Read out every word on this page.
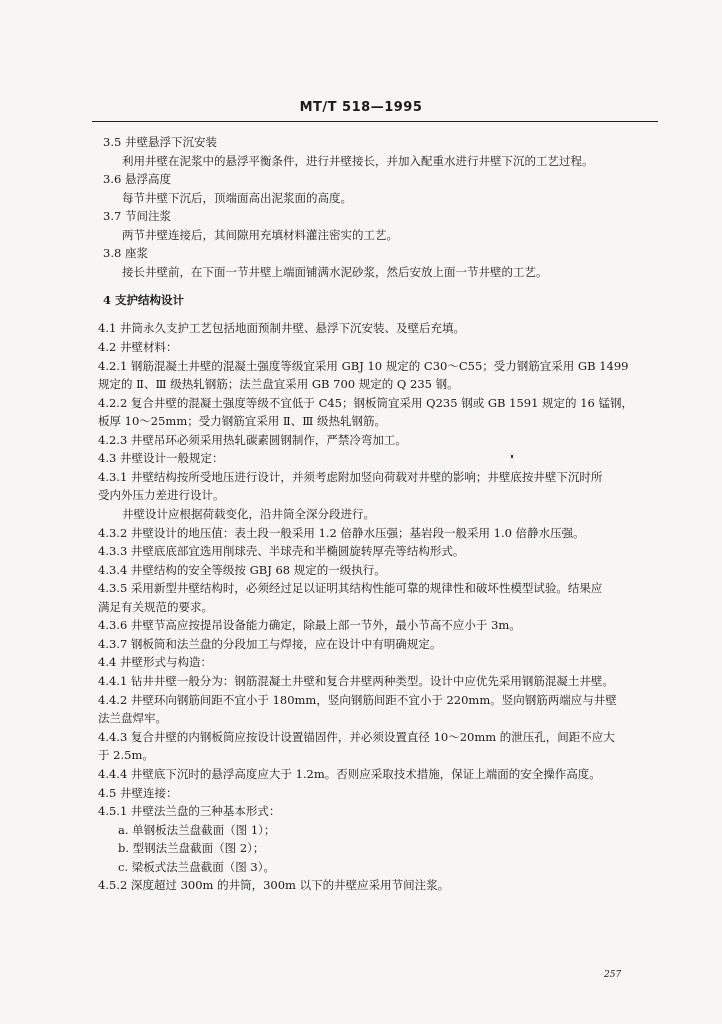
MT/T 518—1995
3.5 井壁悬浮下沉安装
利用井壁在泥浆中的悬浮平衡条件，进行井壁接长，并加入配重水进行井壁下沉的工艺过程。
3.6 悬浮高度
每节井壁下沉后，顶端面高出泥浆面的高度。
3.7 节间注浆
两节井壁连接后，其间隙用充填材料灌注密实的工艺。
3.8 座浆
接长井壁前，在下面一节井壁上端面铺满水泥砂浆，然后安放上面一节井壁的工艺。
4 支护结构设计
4.1 井筒永久支护工艺包括地面预制井壁、悬浮下沉安装、及壁后充填。
4.2 井壁材料：
4.2.1 钢筋混凝土井壁的混凝土强度等级宜采用 GBJ 10 规定的 C30～C55；受力钢筋宜采用 GB 1499
规定的 Ⅱ、Ⅲ 级热轧钢筋；法兰盘宜采用 GB 700 规定的 Q 235 钢。
4.2.2 复合井壁的混凝土强度等级不宜低于 C45；钢板筒宜采用 Q235 钢或 GB 1591 规定的 16 锰钢，
板厚 10～25mm；受力钢筋宜采用 Ⅱ、Ⅲ 级热轧钢筋。
4.2.3 井壁吊环必须采用热轧碳素圆钢制作，严禁冷弯加工。
4.3 井壁设计一般规定：
4.3.1 井壁结构按所受地压进行设计，并须考虑附加竖向荷载对井壁的影响；井壁底按井壁下沉时所
受内外压力差进行设计。
井壁设计应根据荷载变化，沿井筒全深分段进行。
4.3.2 井壁设计的地压值：表土段一般采用 1.2 倍静水压强；基岩段一般采用 1.0 倍静水压强。
4.3.3 井壁底底部宜选用削球壳、半球壳和半椭圆旋转厚壳等结构形式。
4.3.4 井壁结构的安全等级按 GBJ 68 规定的一级执行。
4.3.5 采用新型井壁结构时，必须经过足以证明其结构性能可靠的规律性和破坏性模型试验。结果应
满足有关规范的要求。
4.3.6 井壁节高应按提吊设备能力确定，除最上部一节外，最小节高不应小于 3m。
4.3.7 钢板筒和法兰盘的分段加工与焊接，应在设计中有明确规定。
4.4 井壁形式与构造：
4.4.1 钻井井壁一般分为：钢筋混凝土井壁和复合井壁两种类型。设计中应优先采用钢筋混凝土井壁。
4.4.2 井壁环向钢筋间距不宜小于 180mm，竖向钢筋间距不宜小于 220mm。竖向钢筋两端应与井壁
法兰盘焊牢。
4.4.3 复合井壁的内钢板筒应按设计设置锚固件，并必须设置直径 10～20mm 的泄压孔，间距不应大
于 2.5m。
4.4.4 井壁底下沉时的悬浮高度应大于 1.2m。否则应采取技术措施，保证上端面的安全操作高度。
4.5 井壁连接：
4.5.1 井壁法兰盘的三种基本形式：
a. 单钢板法兰盘截面（图 1）；
b. 型钢法兰盘截面（图 2）；
c. 梁板式法兰盘截面（图 3）。
4.5.2 深度超过 300m 的井筒，300m 以下的井壁应采用节间注浆。
257
